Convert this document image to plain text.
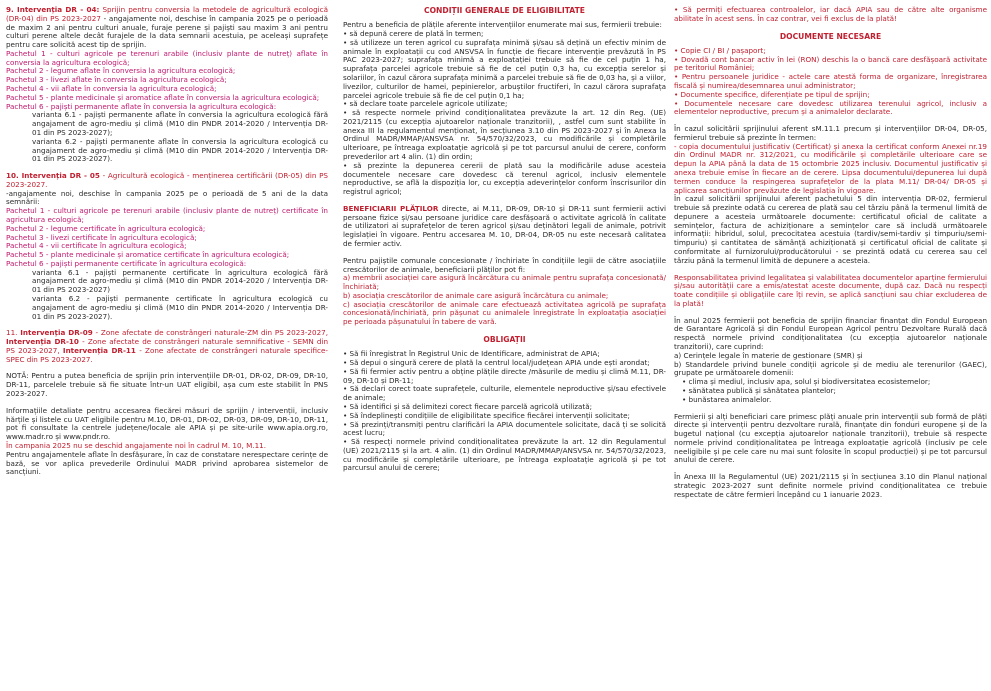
9. Intervenția DR - 04: Sprijin pentru conversia la metodele de agricultură ecologică (DR-04) din PS 2023-2027 - angajamente noi, deschise în campania 2025 pe o perioadă de maxim 2 ani pentru culturi anuale, furaje perene și pajiști sau maxim 3 ani pentru culturi perene altele decât furajele de la data semnarii acestuia, pe aceleași suprafețe pentru care solicită acest tip de sprijin.
Pachetul 1 - culturi agricole pe terenuri arabile (inclusiv plante de nutreț) aflate în conversia la agricultura ecologică;
Pachetul 2 - legume aflate în conversia la agricultura ecologică;
Pachetul 3 - livezi aflate în conversia la agricultura ecologică;
Pachetul 4 - vii aflate în conversia la agricultura ecologică;
Pachetul 5 - plante medicinale și aromatice aflate în conversia la agricultura ecologică;
Pachetul 6 - pajiști permanente aflate în conversia la agricultura ecologică:
varianta 6.1 - pajiști permanente aflate în conversia la agricultura ecologică fără angajament de agro-mediu și climă (M10 din PNDR 2014-2020 / Intervenția DR-01 din PS 2023-2027);
varianta 6.2 - pajiști permanente aflate în conversia la agricultura ecologică cu angajament de agro-mediu și climă (M10 din PNDR 2014-2020 / Intervenția DR-01 din PS 2023-2027).

10. Intervenția DR - 05 - Agricultură ecologică - menținerea certificării (DR-05) din PS 2023-2027.
-angajamente noi, deschise în campania 2025 pe o perioadă de 5 ani de la data semnării:
Pachetul 1 - culturi agricole pe terenuri arabile (inclusiv plante de nutreț) certificate în agricultura ecologică;
Pachetul 2 - legume certificate în agricultura ecologică;
Pachetul 3 - livezi certificate în agricultura ecologică;
Pachetul 4 - vii certificate în agricultura ecologică;
Pachetul 5 - plante medicinale și aromatice certificate în agricultura ecologică;
Pachetul 6 - pajiști permanente certificate în agricultura ecologică:
varianta 6.1 - pajiști permanente certificate în agricultura ecologică fără angajament de agro-mediu și climă (M10 din PNDR 2014-2020 / Intervenția DR-01 din PS 2023-2027)
varianta 6.2 - pajiști permanente certificate în agricultura ecologică cu angajament de agro-mediu și climă (M10 din PNDR 2014-2020 / Intervenția DR-01 din PS 2023-2027).

11. Intervenția DR-09 - Zone afectate de constrângeri naturale-ZM din PS 2023-2027, Intervenția DR-10 - Zone afectate de constrângeri naturale semnificative - SEMN din PS 2023-2027, Intervenția DR-11 - Zone afectate de constrângeri naturale specifice-SPEC din PS 2023-2027.

NOTĂ: Pentru a putea beneficia de sprijin prin intervențiile DR-01, DR-02, DR-09, DR-10, DR-11, parcelele trebuie să fie situate într-un UAT eligibil, așa cum este stabilit în PNS 2023-2027.

Informațiile detaliate pentru accesarea fiecărei măsuri de sprijin / intervenții, inclusiv hărțile și listele cu UAT eligibile pentru M.10, DR-01, DR-02, DR-03, DR-09, DR-10, DR-11, pot fi consultate la centrele județene/locale ale APIA și pe site-urile www.apia.org.ro, www.madr.ro și www.pndr.ro.
În campania 2025 nu se deschid angajamente noi în cadrul M. 10, M.11.
Pentru angajamentele aflate în desfășurare, în caz de constatare nerespectare cerințe de bază, se vor aplica prevederile Ordinului MADR privind aprobarea sistemelor de sancțiuni.

CONDIȚII GENERALE DE ELIGIBILITATE

Pentru a beneficia de plățile aferente intervențiilor enumerate mai sus, fermierii trebuie:
• să depună cerere de plată în termen;
• să utilizeze un teren agricol cu suprafața minimă și/sau să dețină un efectiv minim de animale în exploatații cu cod ANSVSA în funcție de fiecare intervenție prevăzută în PS PAC 2023-2027; suprafața minimă a exploatației trebuie să fie de cel puțin 1 ha, suprafața parcelei agricole trebuie să fie de cel puțin 0,3 ha, cu excepția serelor și solariilor, în cazul cărora suprafața minimă a parcelei trebuie să fie de 0,03 ha, și a viilor, livezilor, culturilor de hamei, pepinierelor, arbuștilor fructiferi, în cazul cărora suprafața parcelei agricole trebuie să fie de cel puțin 0,1 ha;
• să declare toate parcelele agricole utilizate;
• să respecte normele privind condiționalitatea prevăzute la art. 12 din Reg. (UE) 2021/2115 (cu excepția ajutoarelor naționale tranzitorii), , astfel cum sunt stabilite în anexa III la regulamentul menționat, în secțiunea 3.10 din PS 2023-2027 și în Anexa la Ordinul MADR/MMAP/ANSVSA nr. 54/570/32/2023, cu modificările și completările ulterioare, pe întreaga exploatație agricolă și pe tot parcursul anului de cerere, conform prevederilor art 4 alin. (1) din ordin;
• să prezinte la depunerea cererii de plată sau la modificările aduse acesteia documentele necesare care dovedesc că terenul agricol, inclusiv elementele neproductive, se află la dispoziția lor, cu excepția adeverințelor conform înscrisurilor din registrul agricol;

BENEFICIARII PLĂȚILOR directe, ai M.11, DR-09, DR-10 și DR-11 sunt fermierii activi persoane fizice și/sau persoane juridice care desfășoară o activitate agricolă în calitate de utilizatori ai suprafețelor de teren agricol și/sau deținători legali de animale, potrivit legislației în vigoare. Pentru accesarea M. 10, DR-04, DR-05 nu este necesară calitatea de fermier activ.

Pentru pajiștile comunale concesionate / închiriate în condițiile legii de către asociațiile crescătorilor de animale, beneficiarii plăților pot fi:
a) membrii asociației care asigură încărcătura cu animale pentru suprafața concesionată/închiriată;
b) asociația crescătorilor de animale care asigură încărcătura cu animale;
c) asociația crescătorilor de animale care efectuează activitatea agricolă pe suprafața concesionată/închiriată, prin pășunat cu animalele înregistrate în exploatația asociației pe perioada pășunatului în tabere de vară.

OBLIGAȚII

• Să fii înregistrat în Registrul Unic de Identificare, administrat de APIA;
• Să depui o singură cerere de plată la centrul local/județean APIA unde ești arondat;
• Să fii fermier activ pentru a obține plățile directe /măsurile de mediu și climă M.11, DR-09, DR-10 și DR-11;
• Să declari corect toate suprafețele, culturile, elementele neproductive și/sau efectivele de animale;
• Să identifici și să delimitezi corect fiecare parcelă agricolă utilizată;
• Să îndeplinești condițiile de eligibilitate specifice fiecărei intervenții solicitate;
• Să prezinți/transmiți pentru clarificări la APIA documentele solicitate, dacă ți se solicită acest lucru;
• Să respecți normele privind condiționalitatea prevăzute la art. 12 din Regulamentul (UE) 2021/2115 și la art. 4 alin. (1) din Ordinul MADR/MMAP/ANSVSA nr. 54/570/32/2023, cu modificările și completările ulterioare, pe întreaga exploatație agricolă și pe tot parcursul anului de cerere;

• Să permiți efectuarea controalelor, iar dacă APIA sau de către alte organisme abilitate în acest sens. În caz contrar, vei fi exclus de la plată!

DOCUMENTE NECESARE

• Copie CI / BI / pașaport;
• Dovadă cont bancar activ în lei (RON) deschis la o bancă care desfășoară activitate pe teritoriul României;
• Pentru persoanele juridice - actele care atestă forma de organizare, înregistrarea fiscală și numirea/desemnarea unui administrator;
• Documente specifice, diferențiate pe tipul de sprijin;
• Documentele necesare care dovedesc utilizarea terenului agricol, inclusiv a elementelor neproductive, precum și a animalelor declarate.

În cazul solicitării sprijinului aferent sM.11.1 precum și intervențiilor DR-04, DR-05, fermierul trebuie să prezinte în termen:
- copia documentului justificativ (Certificat) și anexa la certificat conform Anexei nr.19 din Ordinul MADR nr. 312/2021, cu modificările și completările ulterioare care se depun la APIA până la data de 15 octombrie 2025 inclusiv. Documentul justificativ și anexa trebuie emise în fiecare an de cerere. Lipsa documentului/depunerea lui după termen conduce la respingerea suprafețelor de la plata M.11/ DR-04/ DR-05 și aplicarea sancțiunilor prevăzute de legislația în vigoare.
În cazul solicitării sprijinului aferent pachetului 5 din intervenția DR-02, fermierul trebuie să prezinte odată cu cererea de plată sau cel târziu până la termenul limită de depunere a acesteia următoarele documente: certificatul oficial de calitate a semințelor, factura de achiziționare a semințelor care să includă următoarele informații: hibridul, solul, precocitatea acestuia (tardiv/semi-tardiv și timpuriu/semi-timpuriu) și cantitatea de sămânță achiziționată și certificatul oficial de calitate și conformitate al furnizorului/producătorului - se prezintă odată cu cererea sau cel târziu până la termenul limită de depunere a acesteia.

Responsabilitatea privind legalitatea și valabilitatea documentelor aparține fermierului și/sau autorității care a emis/atestat aceste documente, după caz. Dacă nu respecți toate condițiile și obligațiile care îți revin, se aplică sancțiuni sau chiar excluderea de la plată!

În anul 2025 fermierii pot beneficia de sprijin financiar finanțat din Fondul European de Garantare Agricolă și din Fondul European Agricol pentru Dezvoltare Rurală dacă respectă normele privind condiționalitatea (cu excepția ajutoarelor naționale tranzitorii), care cuprind:
a) Cerințele legale în materie de gestionare (SMR) și
b) Standardele privind bunele condiții agricole și de mediu ale terenurilor (GAEC), grupate pe următoarele domenii:
• clima și mediul, inclusiv apa, solul și biodiversitatea ecosistemelor;
• sănătatea publică și sănătatea plantelor;
• bunăstarea animalelor.

Fermierii și alți beneficiari care primesc plăți anuale prin intervenții sub formă de plăți directe și intervenții pentru dezvoltare rurală, finanțate din fonduri europene și de la bugetul național (cu excepția ajutoarelor naționale tranzitorii), trebuie să respecte normele privind condiționalitatea pe întreaga exploatație agricolă (inclusiv pe cele neeligibile și pe cele care nu mai sunt folosite în scopul producției) și pe tot parcursul anului de cerere.

În Anexa III la Regulamentul (UE) 2021/2115 și în secțiunea 3.10 din Planul național strategic 2023-2027 sunt definite normele privind condiționalitatea ce trebuie respectate de către fermieri începând cu 1 ianuarie 2023.
